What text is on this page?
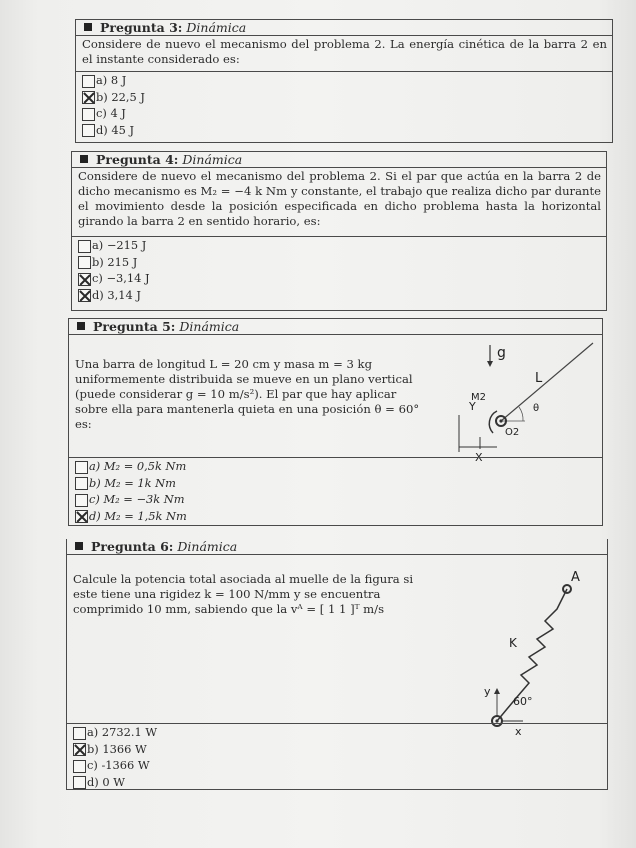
Pregunta 3: Dinámica
Considere de nuevo el mecanismo del problema 2. La energía cinética de la barra 2 en el instante considerado es:
a) 8 J
b) 22,5 J
c) 4 J
d) 45 J
Pregunta 4: Dinámica
Considere de nuevo el mecanismo del problema 2. Si el par que actúa en la barra 2 de dicho mecanismo es M₂ = −4 k Nm y constante, el trabajo que realiza dicho par durante el movimiento desde la posición especificada en dicho problema hasta la horizontal girando la barra 2 en sentido horario, es:
a) −215 J
b) 215 J
c) −3,14 J
d) 3,14 J
Pregunta 5: Dinámica
Una barra de longitud L = 20 cm y masa m = 3 kg uniformemente distribuida se mueve en un plano vertical (puede considerar g = 10 m/s²). El par que hay aplicar sobre ella para mantenerla quieta en una posición θ = 60° es:
g
L
M2
Y	θ
O2
X
a) M₂ = 0,5k Nm
b) M₂ = 1k Nm
c) M₂ = −3k Nm
d) M₂ = 1,5k Nm
Pregunta 6: Dinámica
Calcule la potencia total asociada al muelle de la figura si este tiene una rigidez k = 100 N/mm y se encuentra comprimido 10 mm, sabiendo que la vᴬ = [ 1 1 ]ᵀ m/s
A
K
y
60°
x
a) 2732.1 W
b) 1366 W
c) -1366 W
d) 0 W
